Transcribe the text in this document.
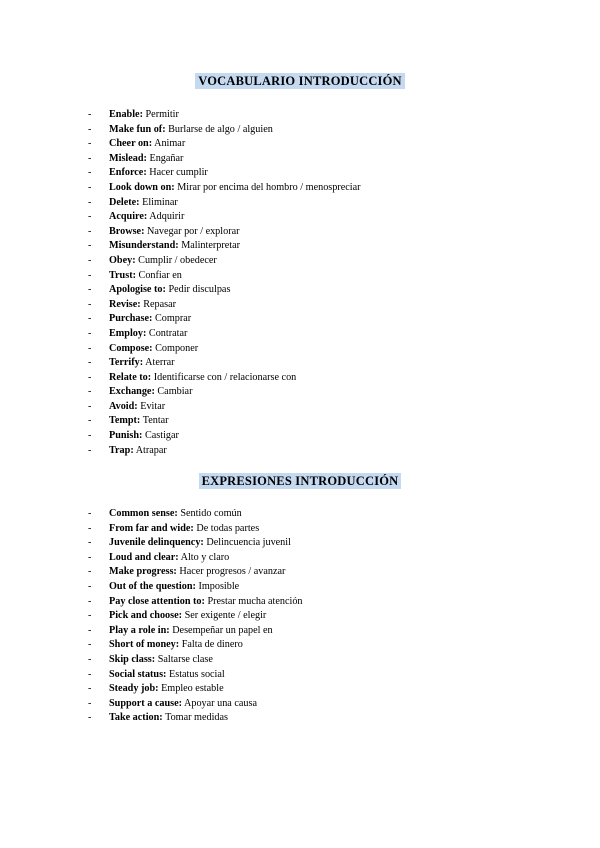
VOCABULARIO INTRODUCCIÓN
- Enable: Permitir
- Make fun of: Burlarse de algo / alguien
- Cheer on: Animar
- Mislead: Engañar
- Enforce: Hacer cumplir
- Look down on: Mirar por encima del hombro / menospreciar
- Delete: Eliminar
- Acquire: Adquirir
- Browse: Navegar por / explorar
- Misunderstand: Malinterpretar
- Obey: Cumplir / obedecer
- Trust: Confiar en
- Apologise to: Pedir disculpas
- Revise: Repasar
- Purchase: Comprar
- Employ: Contratar
- Compose: Componer
- Terrify: Aterrar
- Relate to: Identificarse con / relacionarse con
- Exchange: Cambiar
- Avoid: Evitar
- Tempt: Tentar
- Punish: Castigar
- Trap: Atrapar
EXPRESIONES INTRODUCCIÓN
- Common sense: Sentido común
- From far and wide: De todas partes
- Juvenile delinquency: Delincuencia juvenil
- Loud and clear: Alto y claro
- Make progress: Hacer progresos / avanzar
- Out of the question: Imposible
- Pay close attention to: Prestar mucha atención
- Pick and choose: Ser exigente / elegir
- Play a role in: Desempeñar un papel en
- Short of money: Falta de dinero
- Skip class: Saltarse clase
- Social status: Estatus social
- Steady job: Empleo estable
- Support a cause: Apoyar una causa
- Take action: Tomar medidas
